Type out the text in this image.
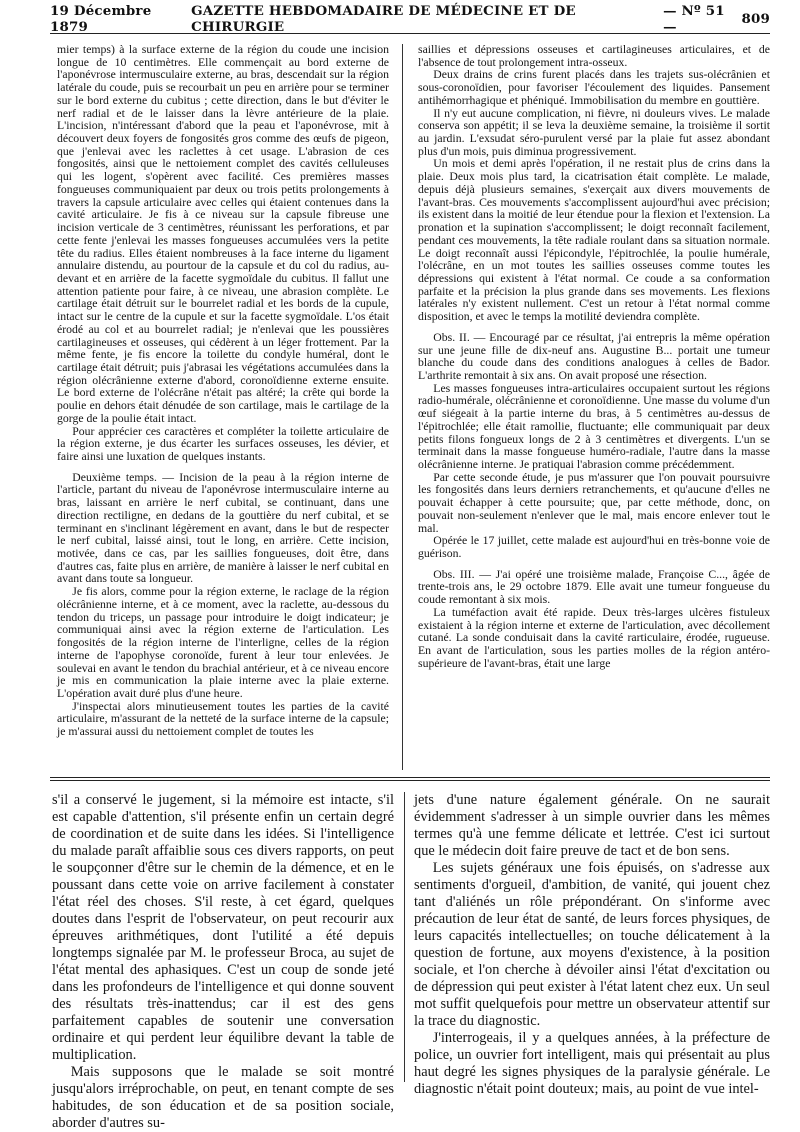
19 Décembre 1879
GAZETTE HEBDOMADAIRE DE MÉDECINE ET DE CHIRURGIE
— Nº 51 —	809

mier temps) à la surface externe de la région du coude une incision longue de 10 centimètres. Elle commençait au bord externe de l'aponévrose intermusculaire externe, au bras, descendait sur la région latérale du coude, puis se recourbait un peu en arrière pour se terminer sur le bord externe du cubitus ; cette direction, dans le but d'éviter le nerf radial et de le laisser dans la lèvre antérieure de la plaie. L'incision, n'intéressant d'abord que la peau et l'aponévrose, mit à découvert deux foyers de fongosités gros comme des œufs de pigeon, que j'enlevai avec les raclettes à cet usage. L'abrasion de ces fongosités, ainsi que le nettoiement complet des cavités celluleuses qui les logent, s'opèrent avec facilité. Ces premières masses fongueuses communiquaient par deux ou trois petits prolongements à travers la capsule articulaire avec celles qui étaient contenues dans la cavité articulaire. Je fis à ce niveau sur la capsule fibreuse une incision verticale de 3 centimètres, réunissant les perforations, et par cette fente j'enlevai les masses fongueuses accumulées vers la petite tête du radius. Elles étaient nombreuses à la face interne du ligament annulaire distendu, au pourtour de la capsule et du col du radius, au-devant et en arrière de la facette sygmoïdale du cubitus. Il fallut une attention patiente pour faire, à ce niveau, une abrasion complète. Le cartilage était détruit sur le bourrelet radial et les bords de la cupule, intact sur le centre de la cupule et sur la facette sygmoïdale. L'os était érodé au col et au bourrelet radial; je n'enlevai que les poussières cartilagineuses et osseuses, qui cédèrent à un léger frottement. Par la même fente, je fis encore la toilette du condyle huméral, dont le cartilage était détruit; puis j'abrasai les végétations accumulées dans la région olécrânienne externe d'abord, coronoïdienne externe ensuite. Le bord externe de l'olécrâne n'était pas altéré; la crête qui borde la poulie en dehors était dénudée de son cartilage, mais le cartilage de la gorge de la poulie était intact.

Pour apprécier ces caractères et compléter la toilette articulaire de la région externe, je dus écarter les surfaces osseuses, les dévier, et faire ainsi une luxation de quelques instants.

Deuxième temps. — Incision de la peau à la région interne de l'article, partant du niveau de l'aponévrose intermusculaire interne au bras, laissant en arrière le nerf cubital, se continuant, dans une direction rectiligne, en dedans de la gouttière du nerf cubital, et se terminant en s'inclinant légèrement en avant, dans le but de respecter le nerf cubital, laissé ainsi, tout le long, en arrière. Cette incision, motivée, dans ce cas, par les saillies fongueuses, doit être, dans d'autres cas, faite plus en arrière, de manière à laisser le nerf cubital en avant dans toute sa longueur.

Je fis alors, comme pour la région externe, le raclage de la région olécrânienne interne, et à ce moment, avec la raclette, au-dessous du tendon du triceps, un passage pour introduire le doigt indicateur; je communiquai ainsi avec la région externe de l'articulation. Les fongosités de la région interne de l'interligne, celles de la région interne de l'apophyse coronoïde, furent à leur tour enlevées. Je soulevai en avant le tendon du brachial antérieur, et à ce niveau encore je mis en communication la plaie interne avec la plaie externe. L'opération avait duré plus d'une heure.

J'inspectai alors minutieusement toutes les parties de la cavité articulaire, m'assurant de la netteté de la surface interne de la capsule; je m'assurai aussi du nettoiement complet de toutes les

saillies et dépressions osseuses et cartilagineuses articulaires, et de l'absence de tout prolongement intra-osseux.

Deux drains de crins furent placés dans les trajets sus-olécrânien et sous-coronoïdien, pour favoriser l'écoulement des liquides. Pansement antihémorrhagique et phéniqué. Immobilisation du membre en gouttière.

Il n'y eut aucune complication, ni fièvre, ni douleurs vives. Le malade conserva son appétit; il se leva la deuxième semaine, la troisième il sortit au jardin. L'exsudat séro-purulent versé par la plaie fut assez abondant plus d'un mois, puis diminua progressivement.

Un mois et demi après l'opération, il ne restait plus de crins dans la plaie. Deux mois plus tard, la cicatrisation était complète. Le malade, depuis déjà plusieurs semaines, s'exerçait aux divers mouvements de l'avant-bras. Ces mouvements s'accomplissent aujourd'hui avec précision; ils existent dans la moitié de leur étendue pour la flexion et l'extension. La pronation et la supination s'accomplissent; le doigt reconnaît facilement, pendant ces mouvements, la tête radiale roulant dans sa situation normale. Le doigt reconnaît aussi l'épicondyle, l'épitrochlée, la poulie humérale, l'olécrâne, en un mot toutes les saillies osseuses comme toutes les dépressions qui existent à l'état normal. Ce coude a sa conformation parfaite et la précision la plus grande dans ses movements. Les flexions latérales n'y existent nullement. C'est un retour à l'état normal comme disposition, et avec le temps la motilité deviendra complète.

Obs. II. — Encouragé par ce résultat, j'ai entrepris la même opération sur une jeune fille de dix-neuf ans. Augustine B... portait une tumeur blanche du coude dans des conditions analogues à celles de Bador. L'arthrite remontait à six ans. On avait proposé une résection.

Les masses fongueuses intra-articulaires occupaient surtout les régions radio-humérale, olécrânienne et coronoïdienne. Une masse du volume d'un œuf siégeait à la partie interne du bras, à 5 centimètres au-dessus de l'épitrochlée; elle était ramollie, fluctuante; elle communiquait par deux petits filons fongueux longs de 2 à 3 centimètres et divergents. L'un se terminait dans la masse fongueuse huméro-radiale, l'autre dans la masse olécrânienne interne. Je pratiquai l'abrasion comme précédemment.

Par cette seconde étude, je pus m'assurer que l'on pouvait poursuivre les fongosités dans leurs derniers retranchements, et qu'aucune d'elles ne pouvait échapper à cette poursuite; que, par cette méthode, donc, on pouvait non-seulement n'enlever que le mal, mais encore enlever tout le mal.

Opérée le 17 juillet, cette malade est aujourd'hui en très-bonne voie de guérison.

Obs. III. — J'ai opéré une troisième malade, Françoise C..., âgée de trente-trois ans, le 29 octobre 1879. Elle avait une tumeur fongueuse du coude remontant à six mois.

La tuméfaction avait été rapide. Deux très-larges ulcères fistuleux existaient à la région interne et externe de l'articulation, avec décollement cutané. La sonde conduisait dans la cavité rarticulaire, érodée, rugueuse. En avant de l'articulation, sous les parties molles de la région antéro-supérieure de l'avant-bras, était une large

s'il a conservé le jugement, si la mémoire est intacte, s'il est capable d'attention, s'il présente enfin un certain degré de coordination et de suite dans les idées. Si l'intelligence du malade paraît affaiblie sous ces divers rapports, on peut le soupçonner d'être sur le chemin de la démence, et en le poussant dans cette voie on arrive facilement à constater l'état réel des choses. S'il reste, à cet égard, quelques doutes dans l'esprit de l'observateur, on peut recourir aux épreuves arithmétiques, dont l'utilité a été depuis longtemps signalée par M. le professeur Broca, au sujet de l'état mental des aphasiques. C'est un coup de sonde jeté dans les profondeurs de l'intelligence et qui donne souvent des résultats très-inattendus; car il est des gens parfaitement capables de soutenir une conversation ordinaire et qui perdent leur équilibre devant la table de multiplication.

Mais supposons que le malade se soit montré jusqu'alors irréprochable, on peut, en tenant compte de ses habitudes, de son éducation et de sa position sociale, aborder d'autres su-

jets d'une nature également générale. On ne saurait évidemment s'adresser à un simple ouvrier dans les mêmes termes qu'à une femme délicate et lettrée. C'est ici surtout que le médecin doit faire preuve de tact et de bon sens.

Les sujets généraux une fois épuisés, on s'adresse aux sentiments d'orgueil, d'ambition, de vanité, qui jouent chez tant d'aliénés un rôle prépondérant. On s'informe avec précaution de leur état de santé, de leurs forces physiques, de leurs capacités intellectuelles; on touche délicatement à la question de fortune, aux moyens d'existence, à la position sociale, et l'on cherche à dévoiler ainsi l'état d'excitation ou de dépression qui peut exister à l'état latent chez eux. Un seul mot suffit quelquefois pour mettre un observateur attentif sur la trace du diagnostic.

J'interrogeais, il y a quelques années, à la préfecture de police, un ouvrier fort intelligent, mais qui présentait au plus haut degré les signes physiques de la paralysie générale. Le diagnostic n'était point douteux; mais, au point de vue intel-
